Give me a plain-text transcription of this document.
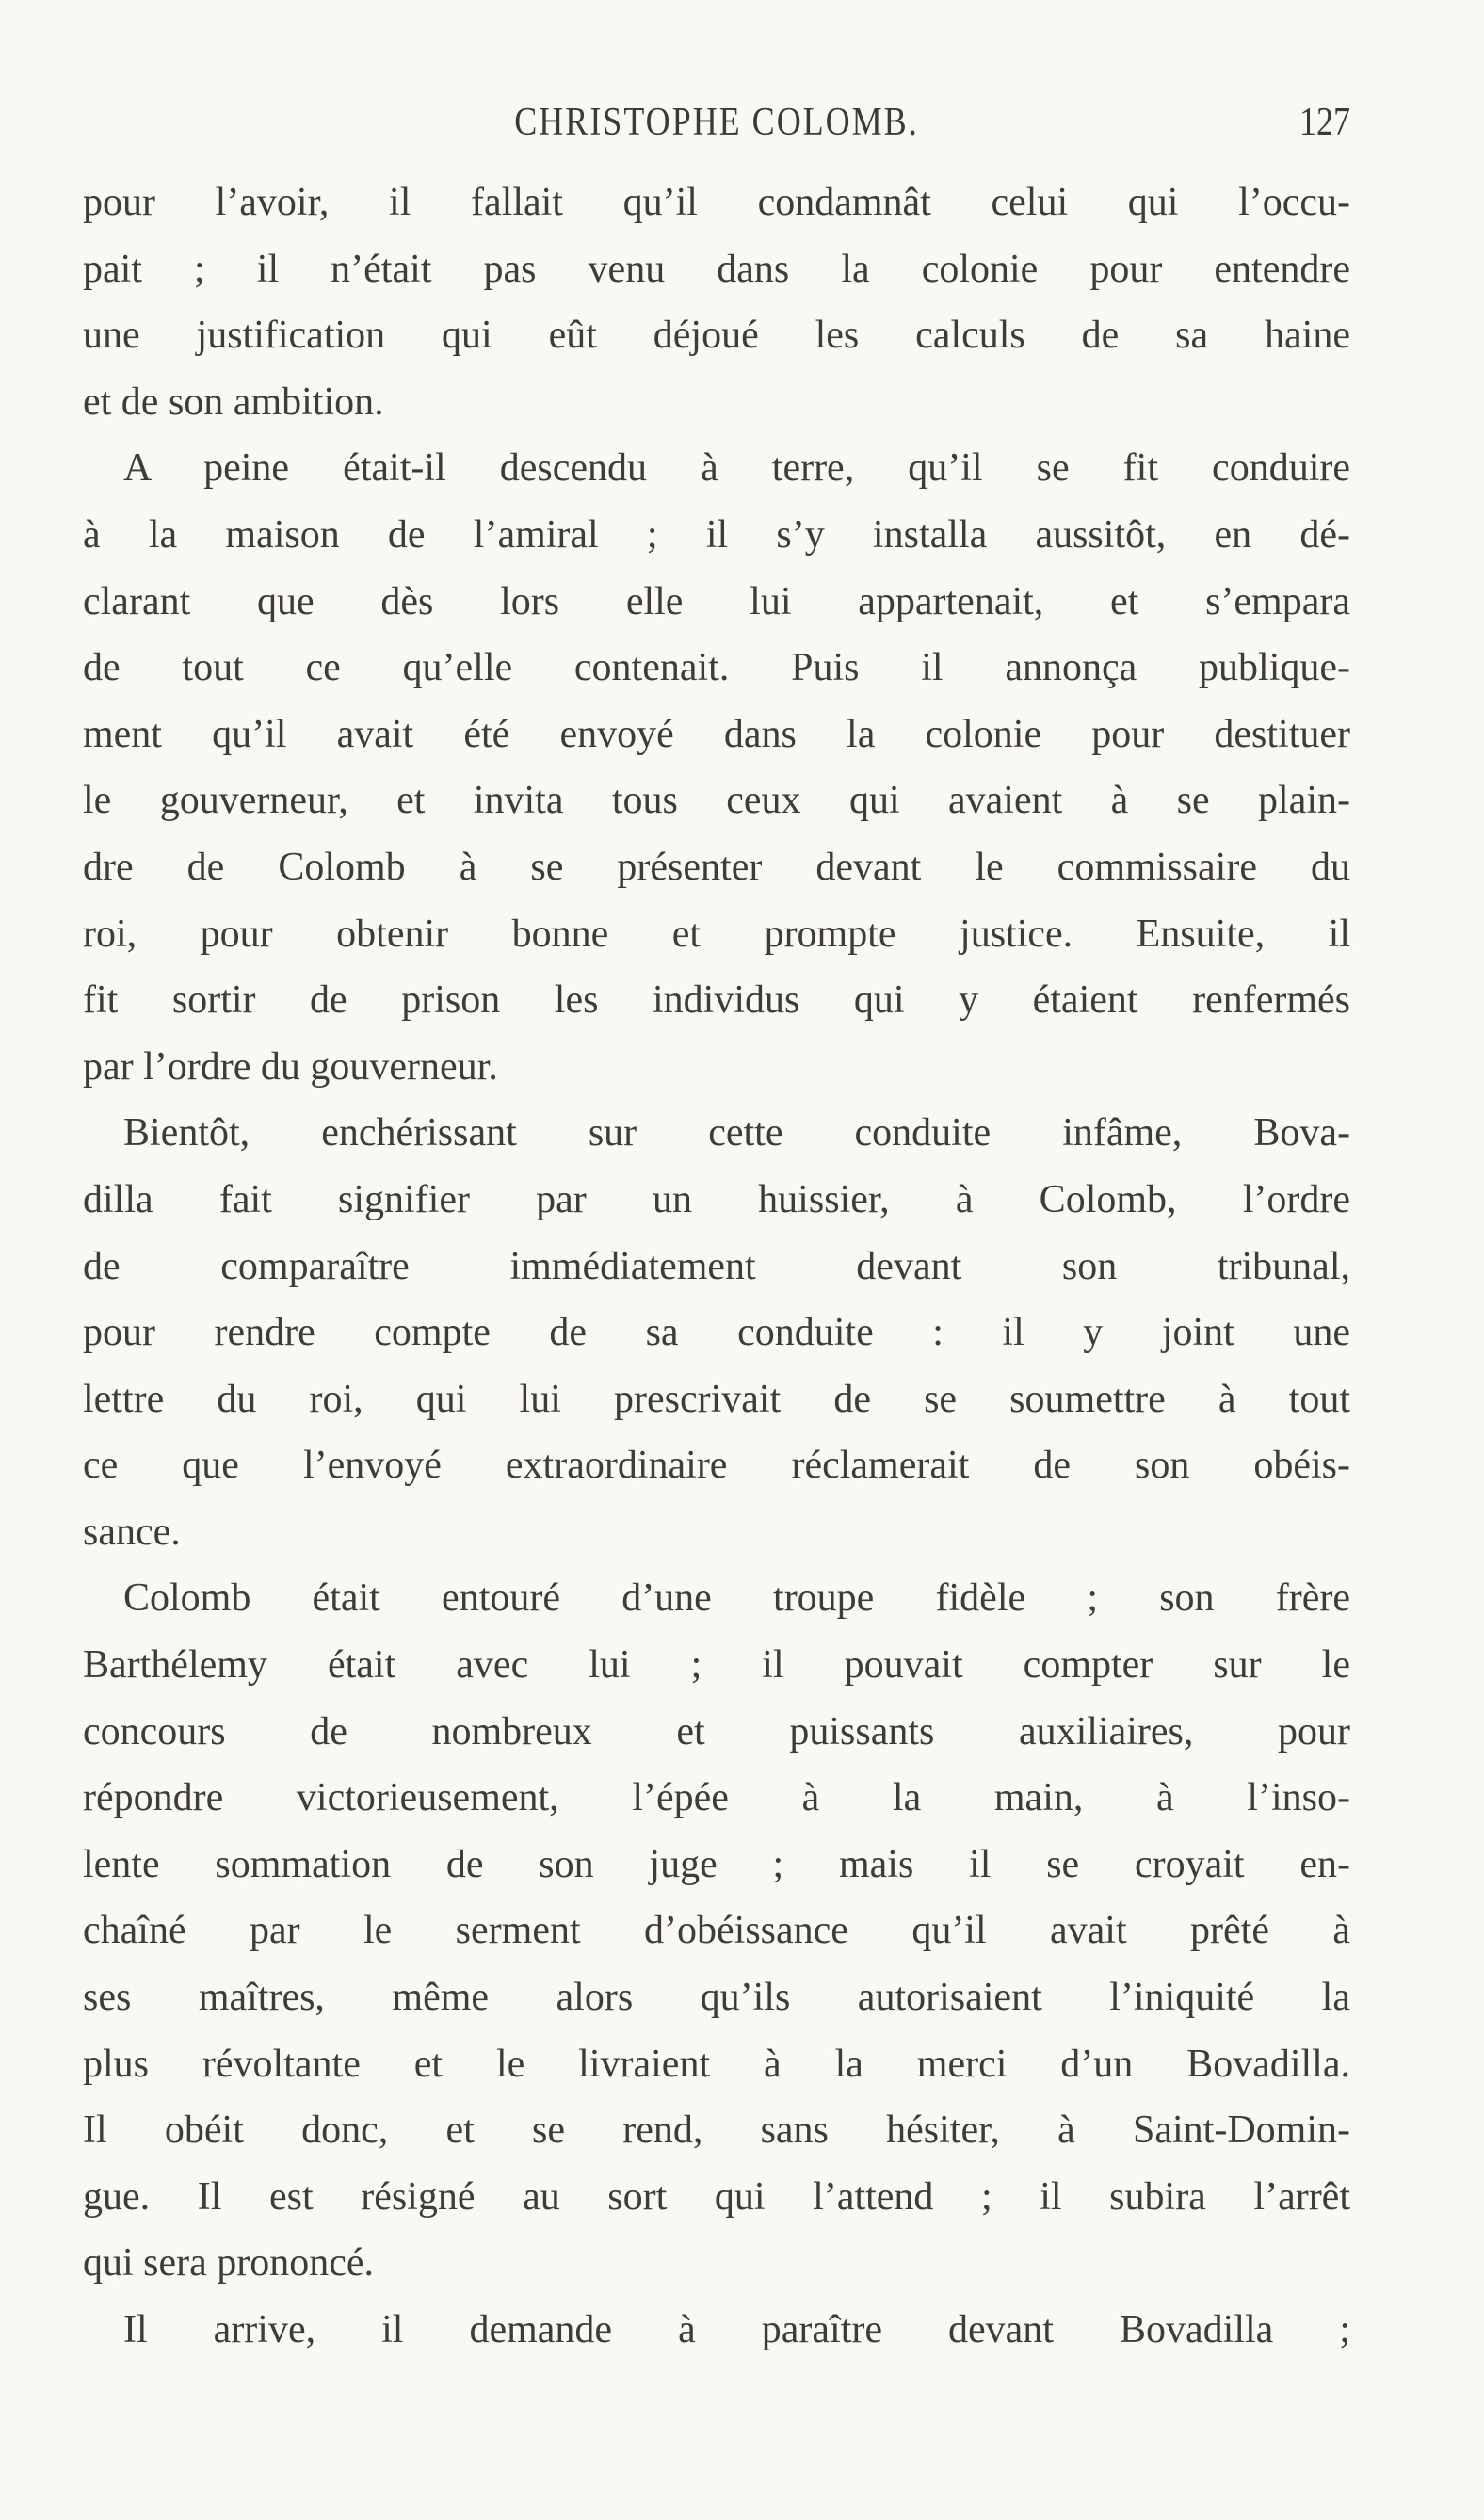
CHRISTOPHE COLOMB.	127
pour l’avoir, il fallait qu’il condamnât celui qui l’occu-
pait ; il n’était pas venu dans la colonie pour entendre
une justification qui eût déjoué les calculs de sa haine
et de son ambition.
A peine était-il descendu à terre, qu’il se fit conduire
à la maison de l’amiral ; il s’y installa aussitôt, en dé-
clarant que dès lors elle lui appartenait, et s’empara
de tout ce qu’elle contenait. Puis il annonça publique-
ment qu’il avait été envoyé dans la colonie pour destituer
le gouverneur, et invita tous ceux qui avaient à se plain-
dre de Colomb à se présenter devant le commissaire du
roi, pour obtenir bonne et prompte justice. Ensuite, il
fit sortir de prison les individus qui y étaient renfermés
par l’ordre du gouverneur.
Bientôt, enchérissant sur cette conduite infâme, Bova-
dilla fait signifier par un huissier, à Colomb, l’ordre
de comparaître immédiatement devant son tribunal,
pour rendre compte de sa conduite : il y joint une
lettre du roi, qui lui prescrivait de se soumettre à tout
ce que l’envoyé extraordinaire réclamerait de son obéis-
sance.
Colomb était entouré d’une troupe fidèle ; son frère
Barthélemy était avec lui ; il pouvait compter sur le
concours de nombreux et puissants auxiliaires, pour
répondre victorieusement, l’épée à la main, à l’inso-
lente sommation de son juge ; mais il se croyait en-
chaîné par le serment d’obéissance qu’il avait prêté à
ses maîtres, même alors qu’ils autorisaient l’iniquité la
plus révoltante et le livraient à la merci d’un Bovadilla.
Il obéit donc, et se rend, sans hésiter, à Saint-Domin-
gue. Il est résigné au sort qui l’attend ; il subira l’arrêt
qui sera prononcé.
Il arrive, il demande à paraître devant Bovadilla ;
